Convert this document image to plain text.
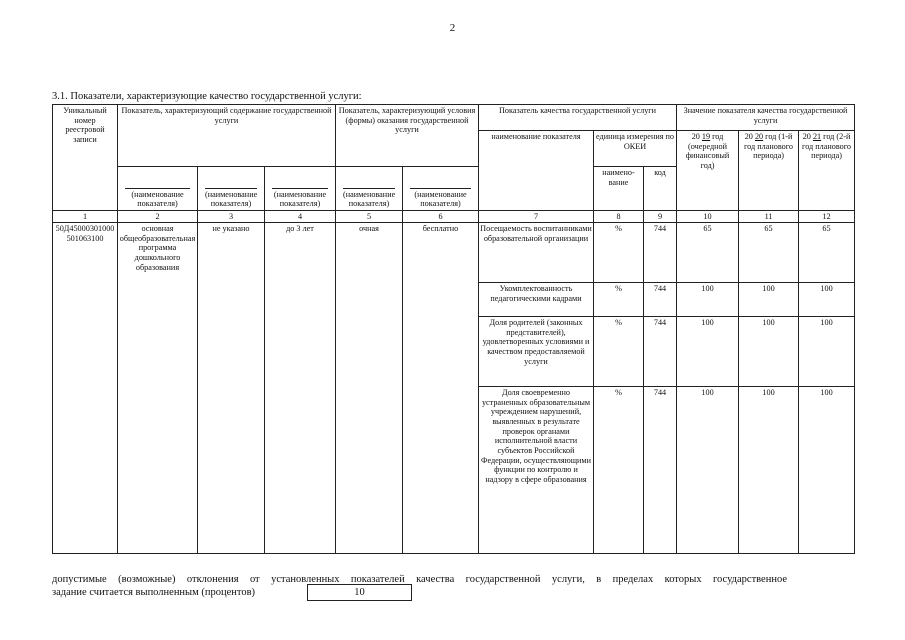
2
3.1. Показатели, характеризующие качество государственной услуги:
Уникальный номер реестровой записи	Показатель, характеризующий содержание государственной услуги			Показатель, характеризующий условия (формы) оказания государственной услуги		Показатель качества государственной услуги			Значение показателя качества государственной услуги		
						наименование показателя	единица измерения по ОКЕИ		20 19 год (очередной финансовый год)	20 20 год (1-й год планового периода)	20 21 год (2-й год планового периода)

	(наименование показателя)	(наименование показателя)	(наименование показателя)	(наименование показателя)	(наименование показателя)		наимено-вание	код			
1	2	3	4	5	6	7	8	9	10	11	12
50Д45000301000501063100	основная общеобразовательная программа дошкольного образования	не указано	до 3 лет	очная	бесплатно	Посещаемость воспитанниками образовательной организации	%	744	65	65	65
						Укомплектованность педагогическими кадрами	%	744	100	100	100
						Доля родителей (законных представителей), удовлетворенных условиями и качеством предоставляемой услуги	%	744	100	100	100
						Доля своевременно устраненных образовательным учреждением нарушений, выявленных в результате проверок органами исполнительной власти субъектов Российской Федерации, осуществляющими функции по контролю и надзору в сфере образования	%	744	100	100	100
допустимые (возможные) отклонения от установленных показателей качества государственной услуги, в пределах которых государственное
задание считается выполненным (процентов)	10
